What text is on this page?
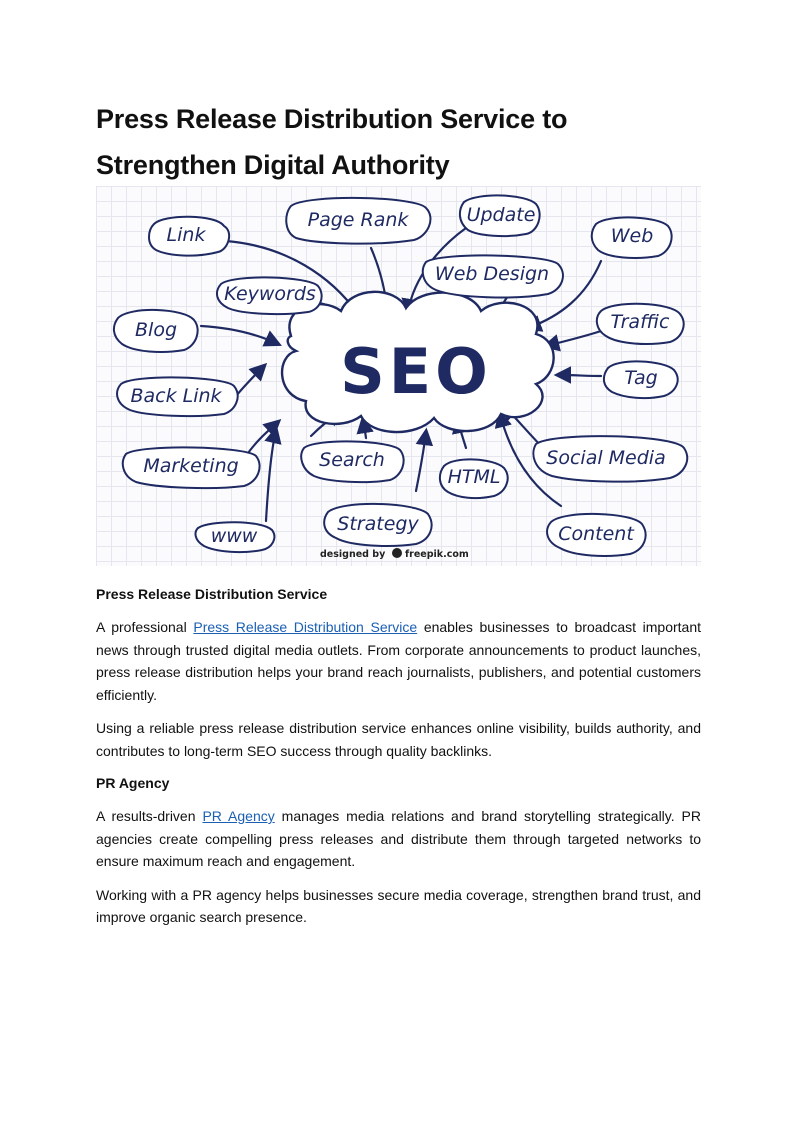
Press Release Distribution Service to Strengthen Digital Authority
SEO
Link
Page Rank	Update
Web
Web Design
Keywords
Blog	Traffic
Back Link
Tag
Marketing	Search
HTML
Social Media
www
Strategy	Content
designed by freepik.com
Press Release Distribution Service

A professional Press Release Distribution Service enables businesses to broadcast important news through trusted digital media outlets. From corporate announcements to product launches, press release distribution helps your brand reach journalists, publishers, and potential customers efficiently.

Using a reliable press release distribution service enhances online visibility, builds authority, and contributes to long-term SEO success through quality backlinks.

PR Agency

A results-driven PR Agency manages media relations and brand storytelling strategically. PR agencies create compelling press releases and distribute them through targeted networks to ensure maximum reach and engagement.

Working with a PR agency helps businesses secure media coverage, strengthen brand trust, and improve organic search presence.
